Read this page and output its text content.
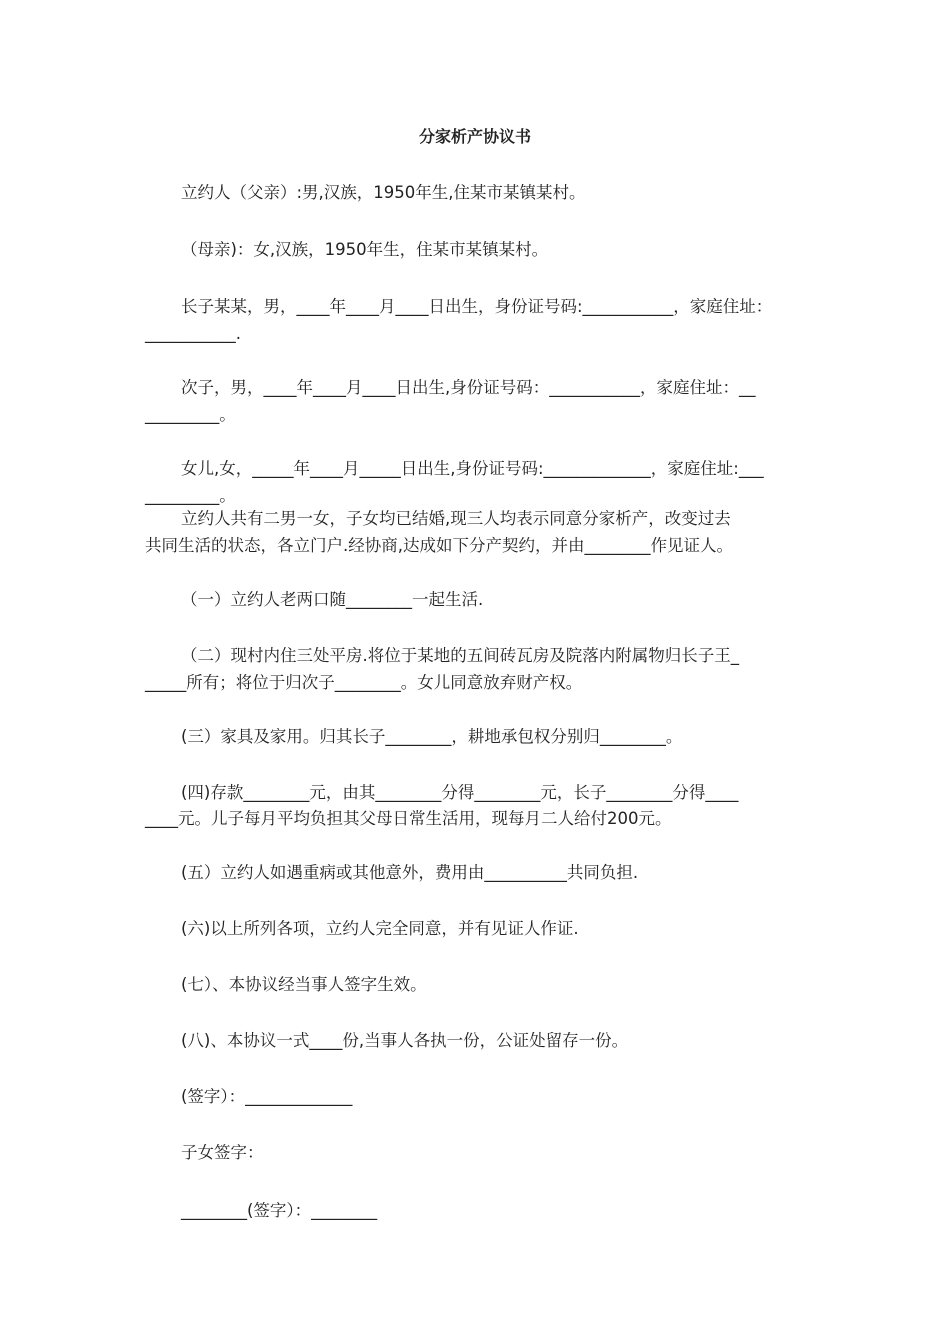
分家析产协议书
立约人（父亲）:男,汉族，1950年生,住某市某镇某村。
（母亲)：女,汉族，1950年生，住某市某镇某村。
长子某某，男，____年____月____日出生，身份证号码:___________，家庭住址：
___________.
次子，男，____年____月____日出生,身份证号码：___________，家庭住址：__
_________。
女儿,女，_____年____月_____日出生,身份证号码:_____________，家庭住址:___
_________。
立约人共有二男一女，子女均已结婚,现三人均表示同意分家析产，改变过去
共同生活的状态，各立门户.经协商,达成如下分产契约，并由________作见证人。
（一）立约人老两口随________一起生活.
（二）现村内住三处平房.将位于某地的五间砖瓦房及院落内附属物归长子王_
_____所有；将位于归次子________。女儿同意放弃财产权。
(三）家具及家用。归其长子________，耕地承包权分别归________。
(四)存款________元，由其________分得________元，长子________分得____
____元。儿子每月平均负担其父母日常生活用，现每月二人给付200元。
(五）立约人如遇重病或其他意外，费用由__________共同负担.
(六)以上所列各项，立约人完全同意，并有见证人作证.
(七）、本协议经当事人签字生效。
(八)、本协议一式____份,当事人各执一份，公证处留存一份。
(签字）：_____________
子女签字：
________(签字）：________
